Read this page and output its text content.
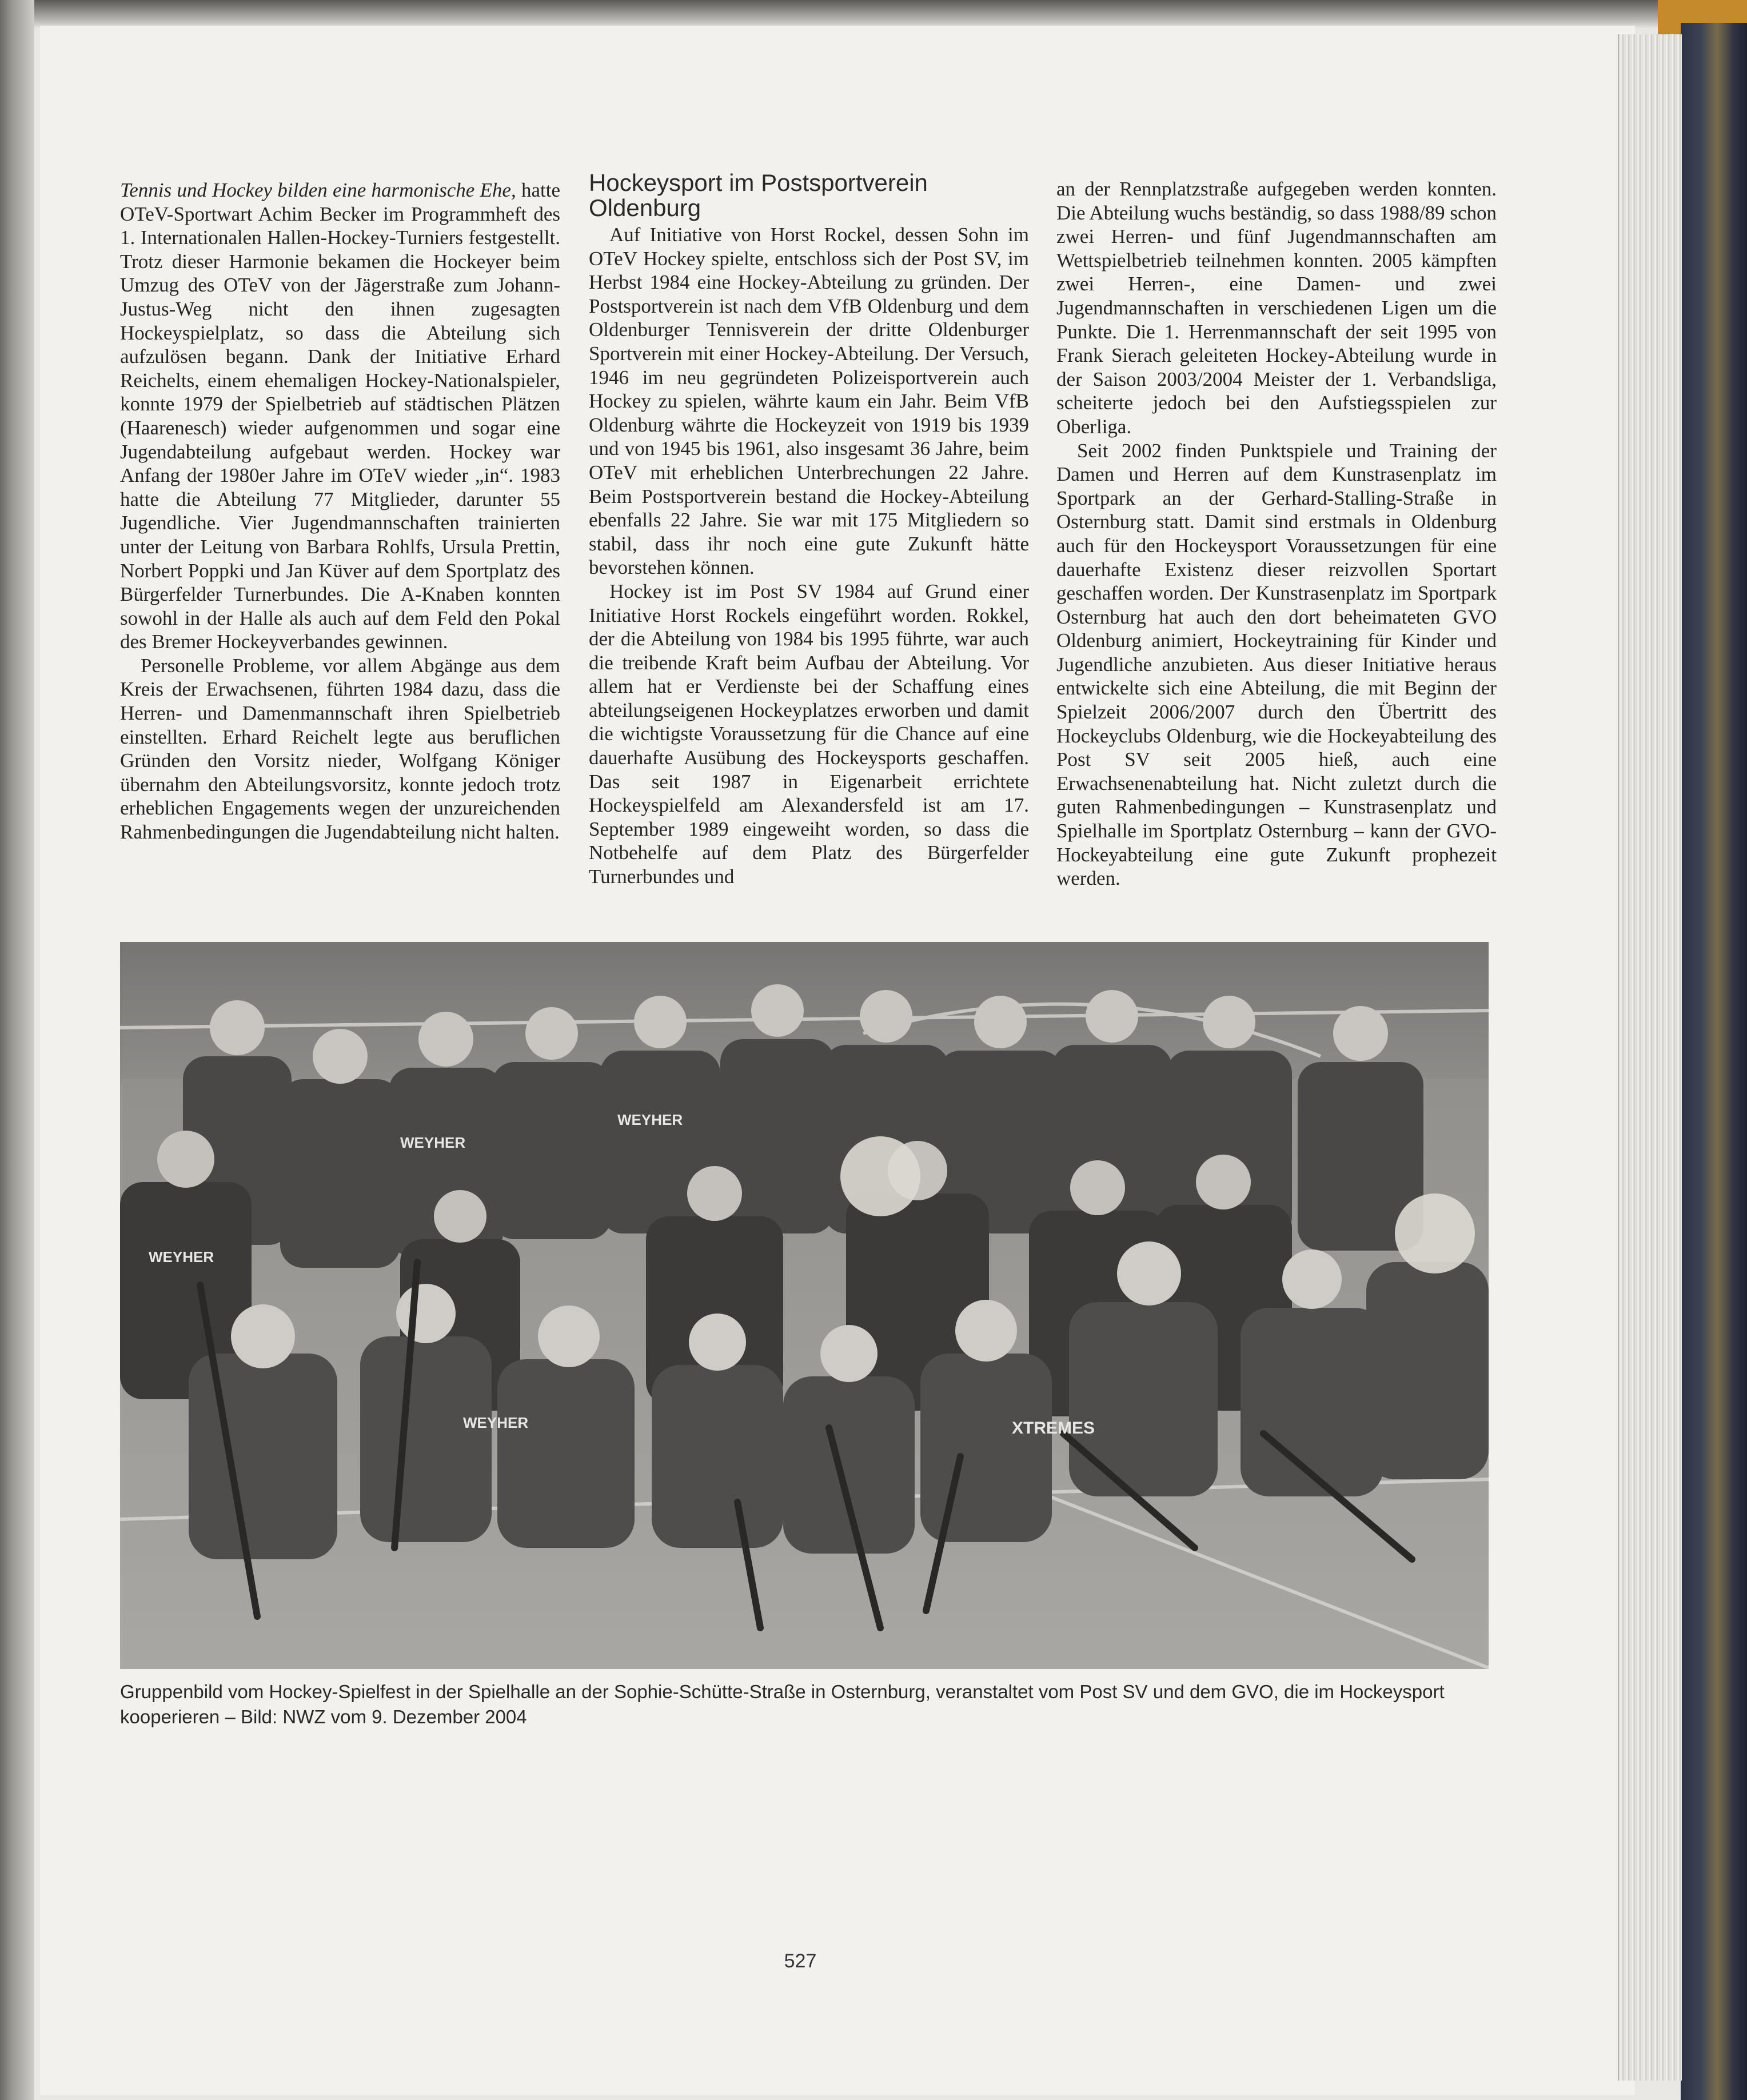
Tennis und Hockey bilden eine harmonische Ehe, hatte OTeV-Sportwart Achim Becker im Programmheft des 1. Internationalen Hallen-Hockey-Turniers festgestellt. Trotz dieser Harmonie bekamen die Hockeyer beim Umzug des OTeV von der Jägerstraße zum Johann-Justus-Weg nicht den ihnen zugesagten Hockeyspielplatz, so dass die Abteilung sich aufzulösen begann. Dank der Initiative Erhard Reichelts, einem ehemaligen Hockey-Nationalspieler, konnte 1979 der Spielbetrieb auf städtischen Plätzen (Haarenesch) wieder aufgenommen und sogar eine Jugendabteilung aufgebaut werden. Hockey war Anfang der 1980er Jahre im OTeV wieder „in“. 1983 hatte die Abteilung 77 Mitglieder, darunter 55 Jugendliche. Vier Jugendmannschaften trainierten unter der Leitung von Barbara Rohlfs, Ursula Prettin, Norbert Poppki und Jan Küver auf dem Sportplatz des Bürgerfelder Turnerbundes. Die A-Knaben konnten sowohl in der Halle als auch auf dem Feld den Pokal des Bremer Hockeyverbandes gewinnen.

Personelle Probleme, vor allem Abgänge aus dem Kreis der Erwachsenen, führten 1984 dazu, dass die Herren- und Damenmannschaft ihren Spielbetrieb einstellten. Erhard Reichelt legte aus beruflichen Gründen den Vorsitz nieder, Wolfgang Königer übernahm den Abteilungsvorsitz, konnte jedoch trotz erheblichen Engagements wegen der unzureichenden Rahmenbedingungen die Jugendabteilung nicht halten.

Hockeysport im Postsportverein Oldenburg

Auf Initiative von Horst Rockel, dessen Sohn im OTeV Hockey spielte, entschloss sich der Post SV, im Herbst 1984 eine Hockey-Abteilung zu gründen. Der Postsportverein ist nach dem VfB Oldenburg und dem Oldenburger Tennisverein der dritte Oldenburger Sportverein mit einer Hockey-Abteilung. Der Versuch, 1946 im neu gegründeten Polizeisportverein auch Hockey zu spielen, währte kaum ein Jahr. Beim VfB Oldenburg währte die Hockeyzeit von 1919 bis 1939 und von 1945 bis 1961, also insgesamt 36 Jahre, beim OTeV mit erheblichen Unterbrechungen 22 Jahre. Beim Postsportverein bestand die Hockey-Abteilung ebenfalls 22 Jahre. Sie war mit 175 Mitgliedern so stabil, dass ihr noch eine gute Zukunft hätte bevorstehen können.

Hockey ist im Post SV 1984 auf Grund einer Initiative Horst Rockels eingeführt worden. Rokkel, der die Abteilung von 1984 bis 1995 führte, war auch die treibende Kraft beim Aufbau der Abteilung. Vor allem hat er Verdienste bei der Schaffung eines abteilungseigenen Hockeyplatzes erworben und damit die wichtigste Voraussetzung für die Chance auf eine dauerhafte Ausübung des Hockeysports geschaffen. Das seit 1987 in Eigenarbeit errichtete Hockeyspielfeld am Alexandersfeld ist am 17. September 1989 eingeweiht worden, so dass die Notbehelfe auf dem Platz des Bürgerfelder Turnerbundes und

an der Rennplatzstraße aufgegeben werden konnten. Die Abteilung wuchs beständig, so dass 1988/89 schon zwei Herren- und fünf Jugendmannschaften am Wettspielbetrieb teilnehmen konnten. 2005 kämpften zwei Herren-, eine Damen- und zwei Jugendmannschaften in verschiedenen Ligen um die Punkte. Die 1. Herrenmannschaft der seit 1995 von Frank Sierach geleiteten Hockey-Abteilung wurde in der Saison 2003/2004 Meister der 1. Verbandsliga, scheiterte jedoch bei den Aufstiegsspielen zur Oberliga.

Seit 2002 finden Punktspiele und Training der Damen und Herren auf dem Kunstrasenplatz im Sportpark an der Gerhard-Stalling-Straße in Osternburg statt. Damit sind erstmals in Oldenburg auch für den Hockeysport Voraussetzungen für eine dauerhafte Existenz dieser reizvollen Sportart geschaffen worden. Der Kunstrasenplatz im Sportpark Osternburg hat auch den dort beheimateten GVO Oldenburg animiert, Hockeytraining für Kinder und Jugendliche anzubieten. Aus dieser Initiative heraus entwickelte sich eine Abteilung, die mit Beginn der Spielzeit 2006/2007 durch den Übertritt des Hockeyclubs Oldenburg, wie die Hockeyabteilung des Post SV seit 2005 hieß, auch eine Erwachsenenabteilung hat. Nicht zuletzt durch die guten Rahmenbedingungen – Kunstrasenplatz und Spielhalle im Sportplatz Osternburg – kann der GVO-Hockeyabteilung eine gute Zukunft prophezeit werden.

WEYHER
WEYHER
WEYHER
WEYHER	XTREMES
Gruppenbild vom Hockey-Spielfest in der Spielhalle an der Sophie-Schütte-Straße in Osternburg, veranstaltet vom Post SV und dem GVO, die im Hockeysport kooperieren – Bild: NWZ vom 9. Dezember 2004
527
